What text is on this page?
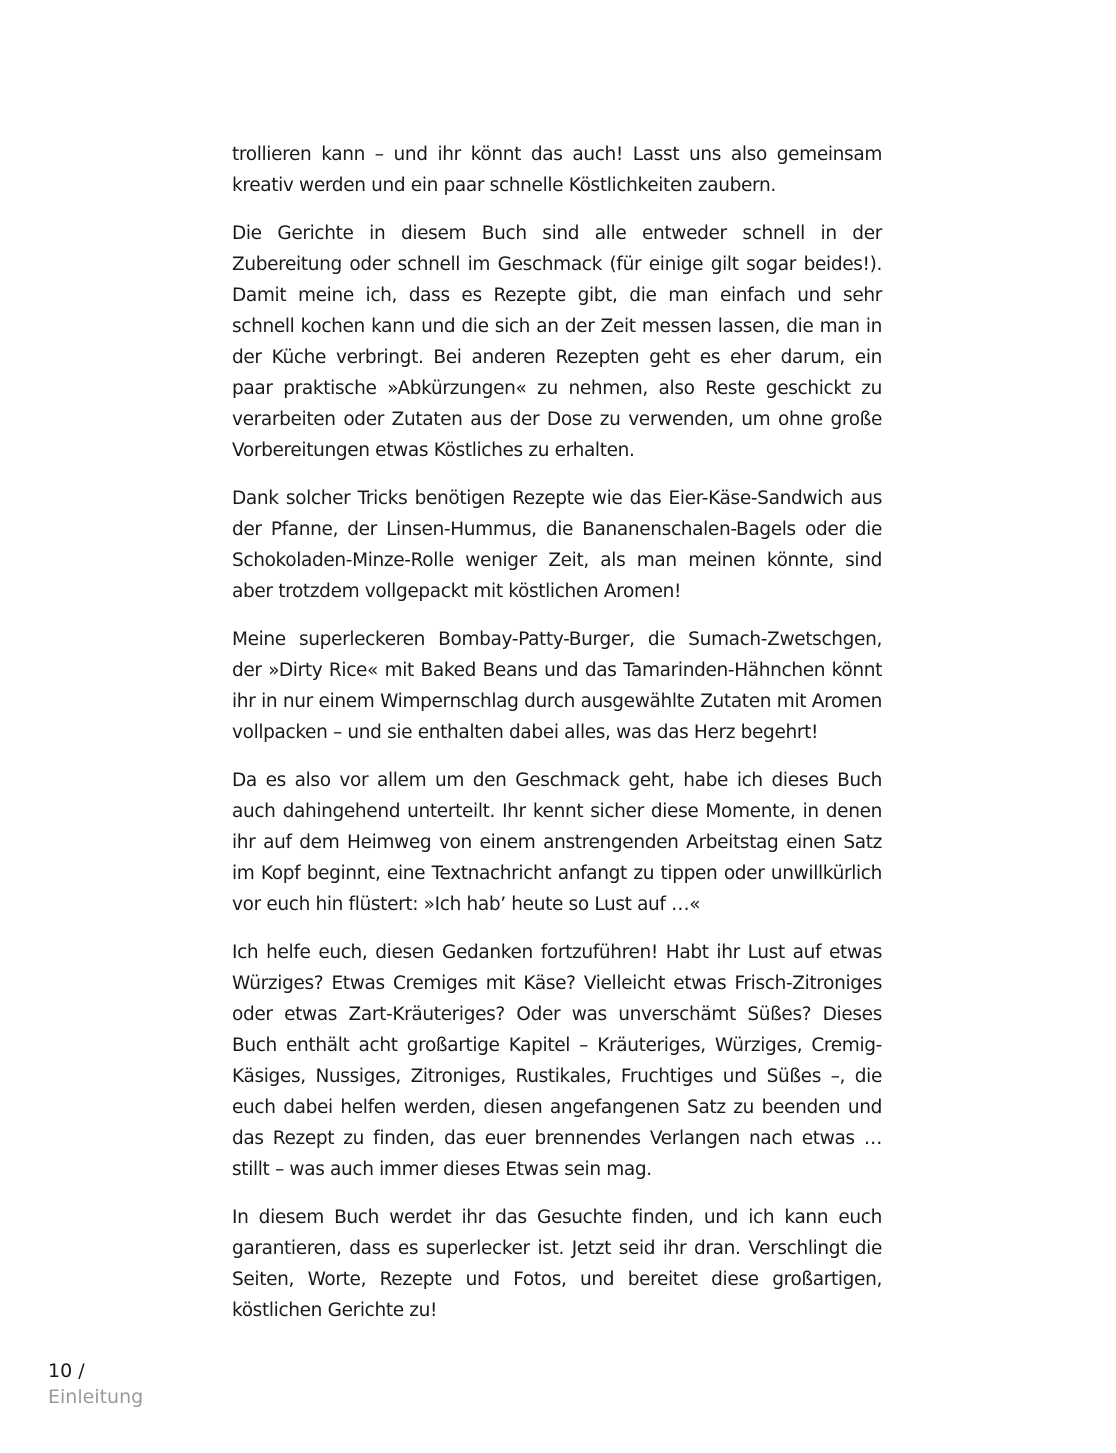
trollieren kann – und ihr könnt das auch! Lasst uns also gemeinsam kreativ werden und ein paar schnelle Köstlichkeiten zaubern.

Die Gerichte in diesem Buch sind alle entweder schnell in der Zubereitung oder schnell im Geschmack (für einige gilt sogar beides!). Damit meine ich, dass es Rezepte gibt, die man einfach und sehr schnell kochen kann und die sich an der Zeit messen lassen, die man in der Küche verbringt. Bei anderen Rezepten geht es eher darum, ein paar praktische »Abkürzungen« zu nehmen, also Reste geschickt zu verarbeiten oder Zutaten aus der Dose zu verwenden, um ohne große Vorbereitungen etwas Köstliches zu erhalten.

Dank solcher Tricks benötigen Rezepte wie das Eier-Käse-Sandwich aus der Pfanne, der Linsen-Hummus, die Bananenschalen-Bagels oder die Schokoladen-Minze-Rolle weniger Zeit, als man meinen könnte, sind aber trotzdem vollgepackt mit köstlichen Aromen!

Meine superleckeren Bombay-Patty-Burger, die Sumach-Zwetschgen, der »Dirty Rice« mit Baked Beans und das Tamarinden-Hähnchen könnt ihr in nur einem Wimpernschlag durch ausgewählte Zutaten mit Aromen vollpacken – und sie enthalten dabei alles, was das Herz begehrt!

Da es also vor allem um den Geschmack geht, habe ich dieses Buch auch dahingehend unterteilt. Ihr kennt sicher diese Momente, in denen ihr auf dem Heimweg von einem anstrengenden Arbeitstag einen Satz im Kopf beginnt, eine Textnachricht anfangt zu tippen oder unwillkürlich vor euch hin flüstert: »Ich hab’ heute so Lust auf …«

Ich helfe euch, diesen Gedanken fortzuführen! Habt ihr Lust auf etwas Würziges? Etwas Cremiges mit Käse? Vielleicht etwas Frisch-Zitroniges oder etwas Zart-Kräuteriges? Oder was unverschämt Süßes? Dieses Buch enthält acht großartige Kapitel – Kräuteriges, Würziges, Cremig-Käsiges, Nussiges, Zitroniges, Rustikales, Fruchtiges und Süßes –, die euch dabei helfen werden, diesen angefangenen Satz zu beenden und das Rezept zu finden, das euer brennendes Verlangen nach etwas … stillt – was auch immer dieses Etwas sein mag.

In diesem Buch werdet ihr das Gesuchte finden, und ich kann euch garantieren, dass es superlecker ist. Jetzt seid ihr dran. Verschlingt die Seiten, Worte, Rezepte und Fotos, und bereitet diese großartigen, köstlichen Gerichte zu!

10 /
Einleitung
